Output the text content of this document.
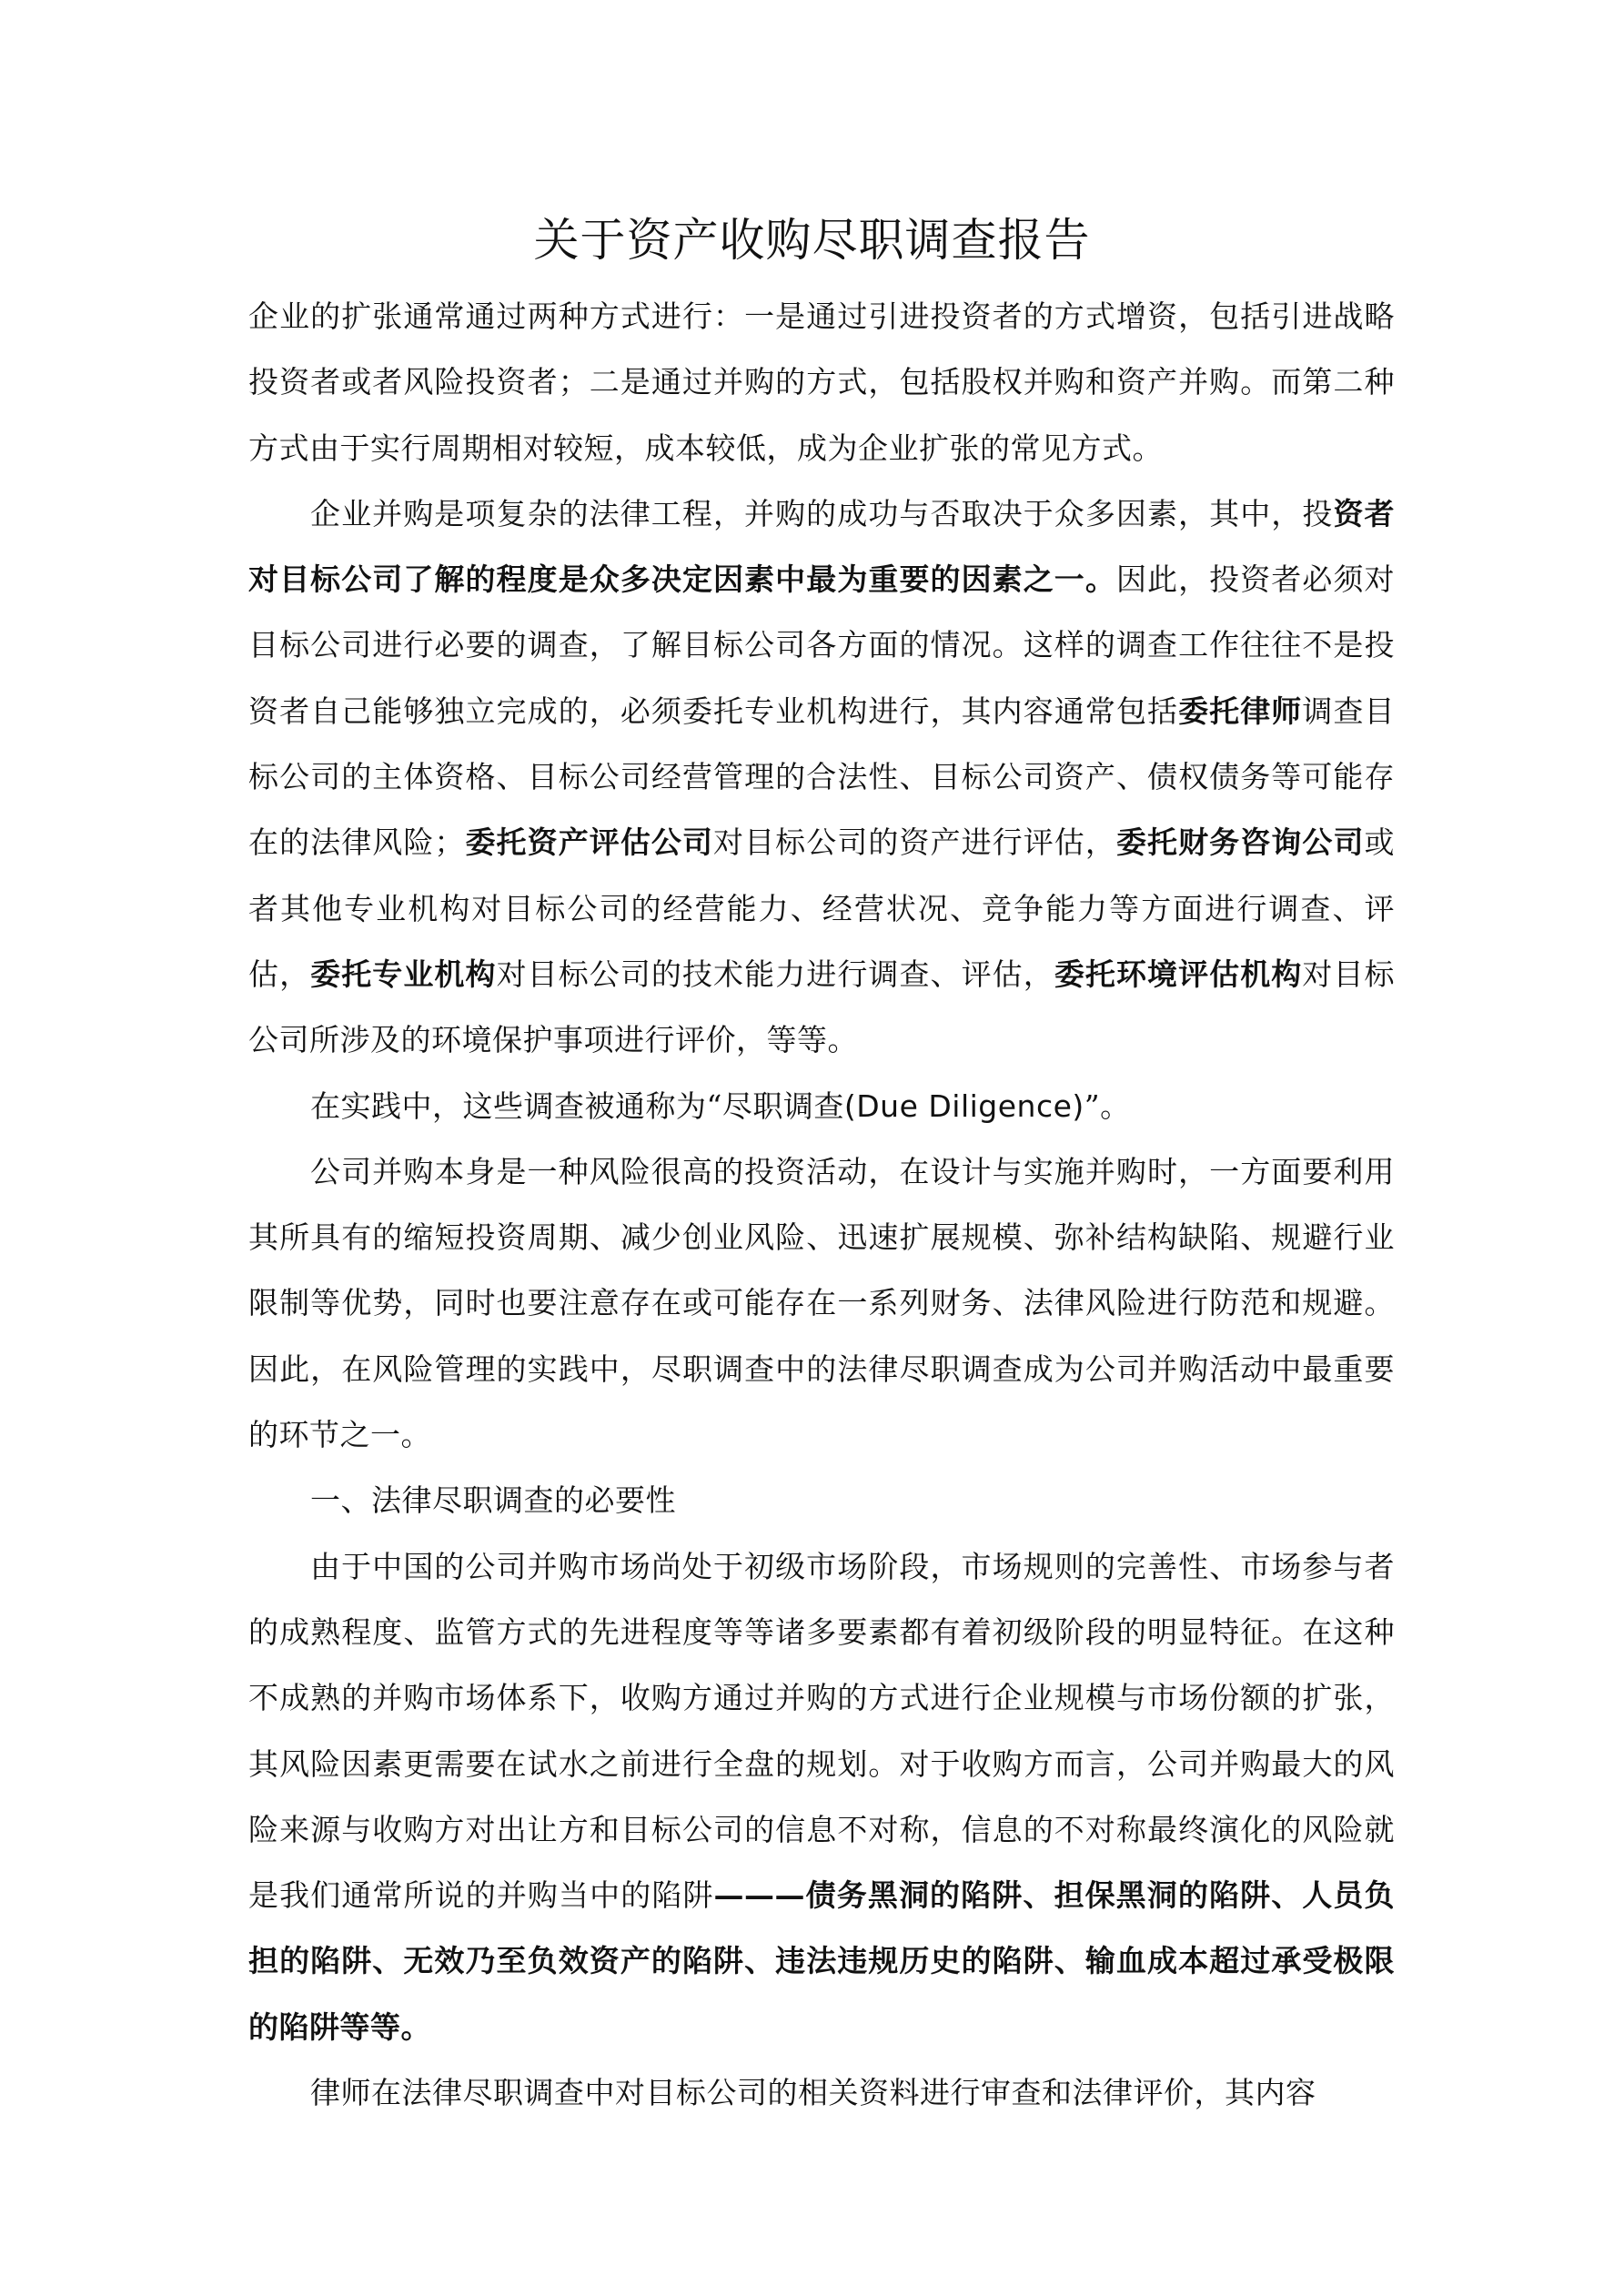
关于资产收购尽职调查报告

企业的扩张通常通过两种方式进行：一是通过引进投资者的方式增资，包括引进战略投资者或者风险投资者；二是通过并购的方式，包括股权并购和资产并购。而第二种方式由于实行周期相对较短，成本较低，成为企业扩张的常见方式。

企业并购是项复杂的法律工程，并购的成功与否取决于众多因素，其中，投资者对目标公司了解的程度是众多决定因素中最为重要的因素之一。因此，投资者必须对目标公司进行必要的调查，了解目标公司各方面的情况。这样的调查工作往往不是投资者自己能够独立完成的，必须委托专业机构进行，其内容通常包括委托律师调查目标公司的主体资格、目标公司经营管理的合法性、目标公司资产、债权债务等可能存在的法律风险；委托资产评估公司对目标公司的资产进行评估，委托财务咨询公司或者其他专业机构对目标公司的经营能力、经营状况、竞争能力等方面进行调查、评估，委托专业机构对目标公司的技术能力进行调查、评估，委托环境评估机构对目标公司所涉及的环境保护事项进行评价，等等。

在实践中，这些调查被通称为“尽职调查(Due Diligence)”。

公司并购本身是一种风险很高的投资活动，在设计与实施并购时，一方面要利用其所具有的缩短投资周期、减少创业风险、迅速扩展规模、弥补结构缺陷、规避行业限制等优势，同时也要注意存在或可能存在一系列财务、法律风险进行防范和规避。因此，在风险管理的实践中，尽职调查中的法律尽职调查成为公司并购活动中最重要的环节之一。

一、法律尽职调查的必要性

由于中国的公司并购市场尚处于初级市场阶段，市场规则的完善性、市场参与者的成熟程度、监管方式的先进程度等等诸多要素都有着初级阶段的明显特征。在这种不成熟的并购市场体系下，收购方通过并购的方式进行企业规模与市场份额的扩张，其风险因素更需要在试水之前进行全盘的规划。对于收购方而言，公司并购最大的风险来源与收购方对出让方和目标公司的信息不对称，信息的不对称最终演化的风险就是我们通常所说的并购当中的陷阱———债务黑洞的陷阱、担保黑洞的陷阱、人员负担的陷阱、无效乃至负效资产的陷阱、违法违规历史的陷阱、输血成本超过承受极限的陷阱等等。

律师在法律尽职调查中对目标公司的相关资料进行审查和法律评价，其内容
